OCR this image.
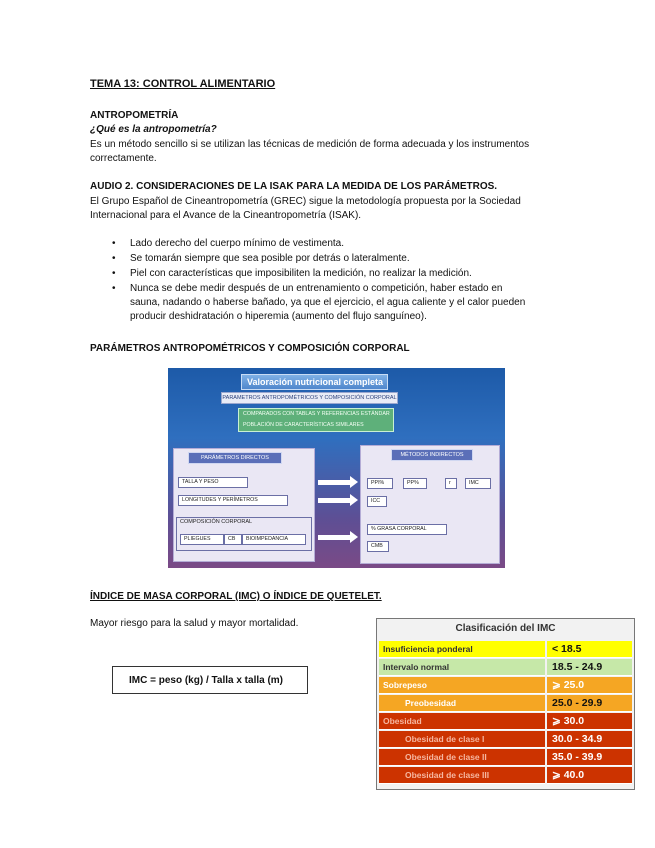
TEMA 13: CONTROL ALIMENTARIO
ANTROPOMETRÍA
¿Qué es la antropometría?
Es un método sencillo si se utilizan las técnicas de medición de forma adecuada y los instrumentos
correctamente.
AUDIO 2. CONSIDERACIONES DE LA ISAK PARA LA MEDIDA DE LOS PARÁMETROS.
El Grupo Español de Cineantropometría (GREC) sigue la metodología propuesta por la Sociedad
Internacional para el Avance de la Cineantropometría (ISAK).
• Lado derecho del cuerpo mínimo de vestimenta.
• Se tomarán siempre que sea posible por detrás o lateralmente.
• Piel con características que imposibiliten la medición, no realizar la medición.
• Nunca se debe medir después de un entrenamiento o competición, haber estado en
sauna, nadando o haberse bañado, ya que el ejercicio, el agua caliente y el calor pueden
producir deshidratación o hiperemia (aumento del flujo sanguíneo).
PARÁMETROS ANTROPOMÉTRICOS Y COMPOSICIÓN CORPORAL
Valoración nutricional completa
PARAMETROS ANTROPOMÉTRICOS Y COMPOSICIÓN CORPORAL
COMPARADOS CON TABLAS Y REFERENCIAS ESTÁNDAR
POBLACIÓN DE CARACTERÍSTICAS SIMILARES
PARÁMETROS DIRECTOS
TALLA Y PESO
LONGITUDES Y PERÍMETROS
COMPOSICIÓN CORPORAL
PLIEGUES	CB	BIOIMPEDANCIA
MÉTODOS INDIRECTOS
PPI%	PP%	r	IMC
ICC
% GRASA CORPORAL
CMB
ÍNDICE DE MASA CORPORAL (IMC) O ÍNDICE DE QUETELET.
Mayor riesgo para la salud y mayor mortalidad.
IMC = peso (kg) / Talla x talla (m)
Clasificación del IMC
Insuficiencia ponderal	< 18.5
Intervalo normal	18.5 - 24.9
Sobrepeso	⩾ 25.0
Preobesidad	25.0 - 29.9
Obesidad	⩾ 30.0
Obesidad de clase I	30.0 - 34.9
Obesidad de clase II	35.0 - 39.9
Obesidad de clase III	⩾ 40.0
